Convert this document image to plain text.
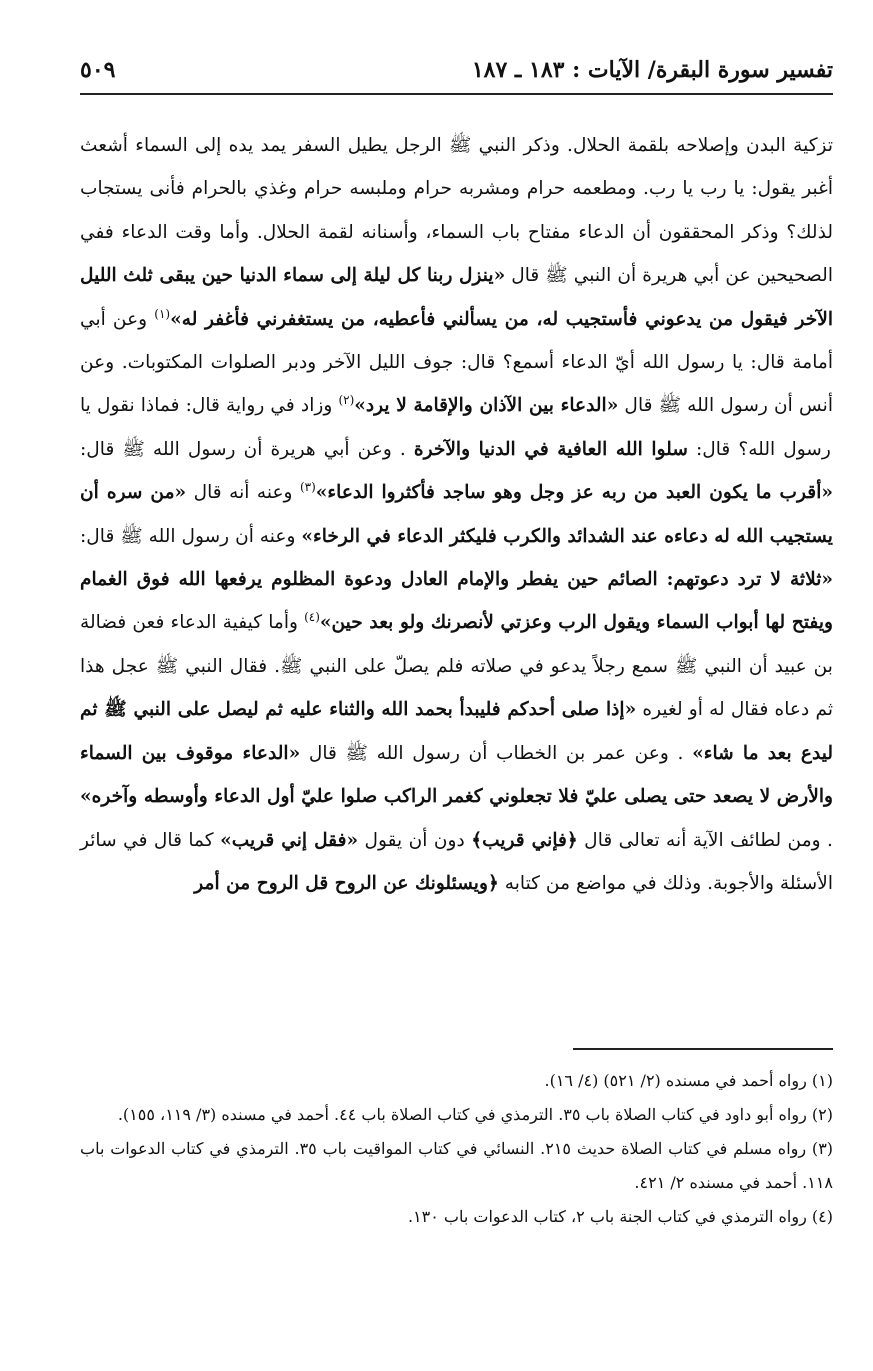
تفسير سورة البقرة/ الآيات : ١٨٣ ـ ١٨٧
٥٠٩
تزكية البدن وإصلاحه بلقمة الحلال. وذكر النبي ﷺ الرجل يطيل السفر يمد يده إلى السماء أشعث أغبر يقول: يا رب يا رب. ومطعمه حرام ومشربه حرام وملبسه حرام وغذي بالحرام فأنى يستجاب لذلك؟ وذكر المحققون أن الدعاء مفتاح باب السماء، وأسنانه لقمة الحلال. وأما وقت الدعاء ففي الصحيحين عن أبي هريرة أن النبي ﷺ قال «ينزل ربنا كل ليلة إلى سماء الدنيا حين يبقى ثلث الليل الآخر فيقول من يدعوني فأستجيب له، من يسألني فأعطيه، من يستغفرني فأغفر له»$^{(١)}$ وعن أبي أمامة قال: يا رسول الله أيّ الدعاء أسمع؟ قال: جوف الليل الآخر ودبر الصلوات المكتوبات. وعن أنس أن رسول الله ﷺ قال «الدعاء بين الآذان والإقامة لا يرد»$^{(٢)}$ وزاد في رواية قال: فماذا نقول يا رسول الله؟ قال: سلوا الله العافية في الدنيا والآخرة . وعن أبي هريرة أن رسول الله ﷺ قال: «أقرب ما يكون العبد من ربه عز وجل وهو ساجد فأكثروا الدعاء»$^{(٣)}$ وعنه أنه قال «من سره أن يستجيب الله له دعاءه عند الشدائد والكرب فليكثر الدعاء في الرخاء» وعنه أن رسول الله ﷺ قال: «ثلاثة لا ترد دعوتهم: الصائم حين يفطر والإمام العادل ودعوة المظلوم يرفعها الله فوق الغمام ويفتح لها أبواب السماء ويقول الرب وعزتي لأنصرنك ولو بعد حين»$^{(٤)}$ وأما كيفية الدعاء فعن فضالة بن عبيد أن النبي ﷺ سمع رجلاً يدعو في صلاته فلم يصلّ على النبي ﷺ. فقال النبي ﷺ عجل هذا ثم دعاه فقال له أو لغيره «إذا صلى أحدكم فليبدأ بحمد الله والثناء عليه ثم ليصل على النبي ﷺ ثم ليدع بعد ما شاء» . وعن عمر بن الخطاب أن رسول الله ﷺ قال «الدعاء موقوف بين السماء والأرض لا يصعد حتى يصلى عليّ فلا تجعلوني كغمر الراكب صلوا عليّ أول الدعاء وأوسطه وآخره» . ومن لطائف الآية أنه تعالى قال ﴿فإني قريب﴾ دون أن يقول «فقل إني قريب» كما قال في سائر الأسئلة والأجوبة. وذلك في مواضع من كتابه ﴿ويسئلونك عن الروح قل الروح من أمر

(١) رواه أحمد في مسنده (٢/ ٥٢١) (٤/ ١٦).

(٢) رواه أبو داود في كتاب الصلاة باب ٣٥. الترمذي في كتاب الصلاة باب ٤٤. أحمد في مسنده (٣/ ١١٩، ١٥٥).

(٣) رواه مسلم في كتاب الصلاة حديث ٢١٥. النسائي في كتاب المواقيت باب ٣٥. الترمذي في كتاب الدعوات باب ١١٨. أحمد في مسنده ٢/ ٤٢١.

(٤) رواه الترمذي في كتاب الجنة باب ٢، كتاب الدعوات باب ١٣٠.
